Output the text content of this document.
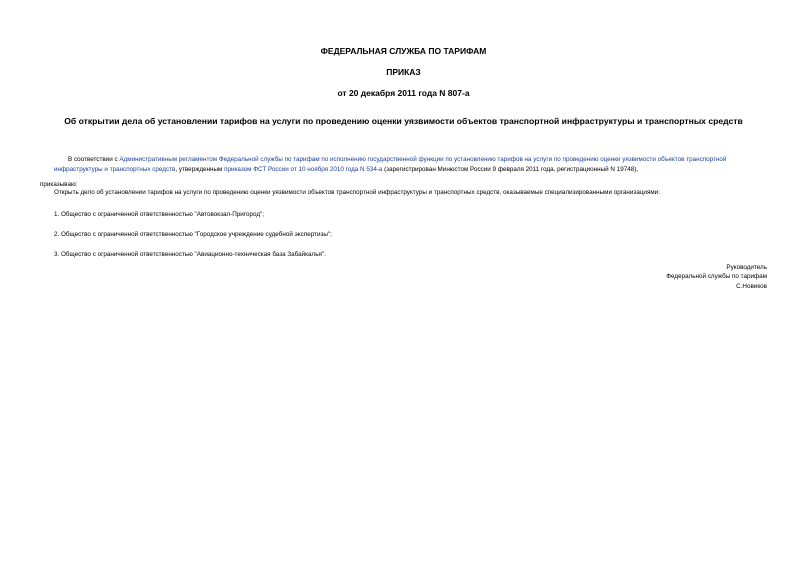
ФЕДЕРАЛЬНАЯ СЛУЖБА ПО ТАРИФАМ
ПРИКАЗ
от 20 декабря 2011 года N 807-а
Об открытии дела об установлении тарифов на услуги по проведению оценки уязвимости объектов транспортной инфраструктуры и транспортных средств
В соответствии с Административным регламентом Федеральной службы по тарифам по исполнению государственной функции по установлению тарифов на услуги по проведению оценки уязвимости объектов транспортной инфраструктуры и транспортных средств, утвержденным приказом ФСТ России от 10 ноября 2010 года N 534-а (зарегистрирован Минюстом России 9 февраля 2011 года, регистрационный N 19748),
приказываю:
Открыть дело об установлении тарифов на услуги по проведению оценки уязвимости объектов транспортной инфраструктуры и транспортных средств, оказываемые специализированными организациями:
1. Общество с ограниченной ответственностью "Автовокзал-Пригород";
2. Общество с ограниченной ответственностью "Городское учреждение судебной экспертизы";
3. Общество с ограниченной ответственностью "Авиационно-техническая база Забайкалья".
Руководитель
Федеральной службы по тарифам
С.Новиков
